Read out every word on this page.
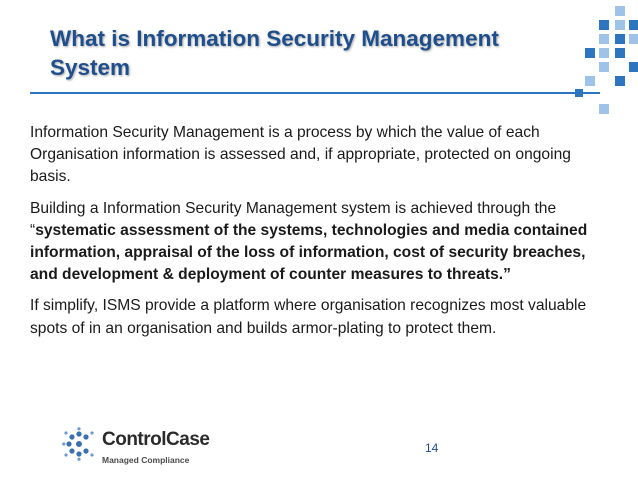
What is Information Security Management System

Information Security Management is a process by which the value of each Organisation information is assessed and, if appropriate, protected on ongoing basis.

Building a Information Security Management system is achieved through the “systematic assessment of the systems, technologies and media contained information, appraisal of the loss of information, cost of security breaches, and development & deployment of counter measures to threats.”

If simplify, ISMS provide a platform where organisation recognizes most valuable spots of in an organisation and builds armor-plating to protect them.

ControlCase
Managed Compliance
14
